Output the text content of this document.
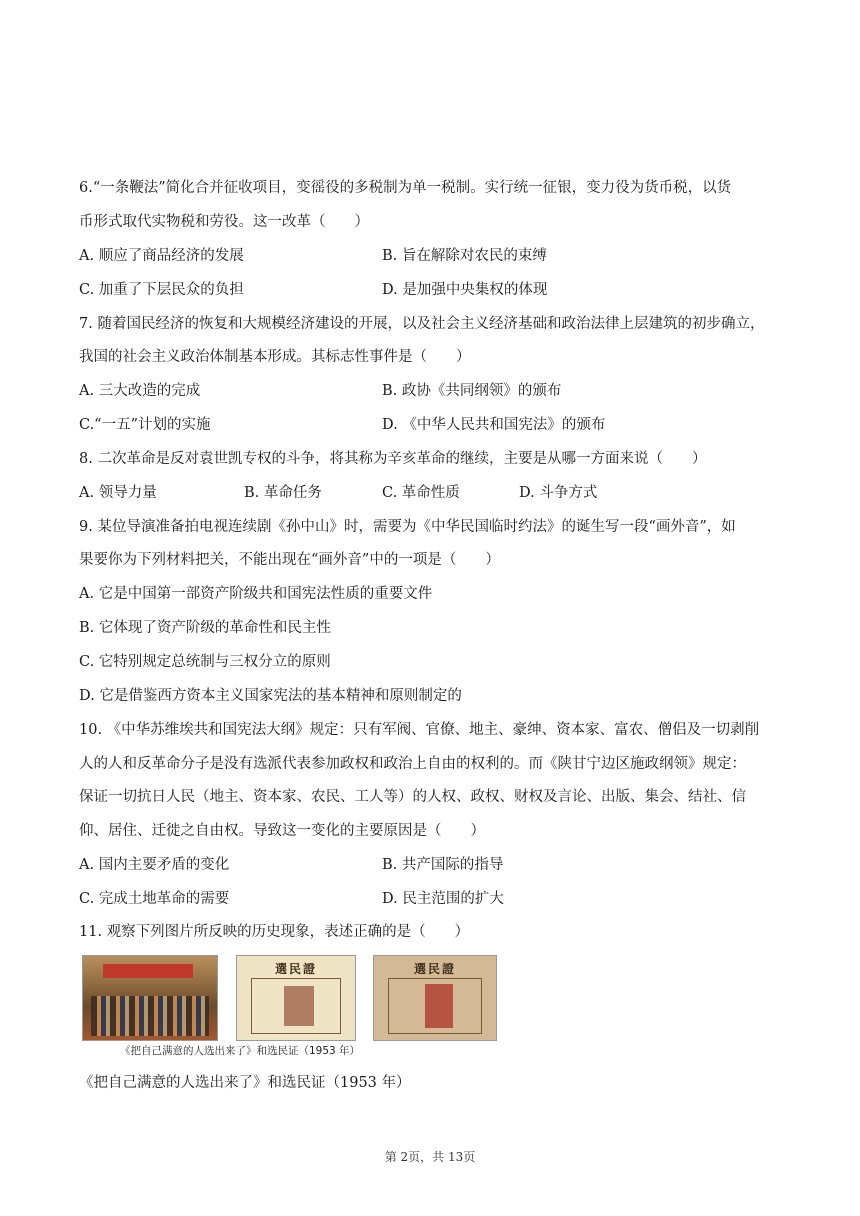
6.“一条鞭法”简化合并征收项目，变徭役的多税制为单一税制。实行统一征银，变力役为货币税，以货
币形式取代实物税和劳役。这一改革（　　）
A. 顺应了商品经济的发展	B. 旨在解除对农民的束缚
C. 加重了下层民众的负担	D. 是加强中央集权的体现
7. 随着国民经济的恢复和大规模经济建设的开展，以及社会主义经济基础和政治法律上层建筑的初步确立，
我国的社会主义政治体制基本形成。其标志性事件是（　　）
A. 三大改造的完成	B. 政协《共同纲领》的颁布
C.“一五”计划的实施	D. 《中华人民共和国宪法》的颁布
8. 二次革命是反对袁世凯专权的斗争，将其称为辛亥革命的继续，主要是从哪一方面来说（　　）
A. 领导力量	B. 革命任务	C. 革命性质	D. 斗争方式
9. 某位导演准备拍电视连续剧《孙中山》时，需要为《中华民国临时约法》的诞生写一段“画外音”，如
果要你为下列材料把关，不能出现在“画外音”中的一项是（　　）
A. 它是中国第一部资产阶级共和国宪法性质的重要文件
B. 它体现了资产阶级的革命性和民主性
C. 它特别规定总统制与三权分立的原则
D. 它是借鉴西方资本主义国家宪法的基本精神和原则制定的
10. 《中华苏维埃共和国宪法大纲》规定：只有军阀、官僚、地主、豪绅、资本家、富农、僧侣及一切剥削
人的人和反革命分子是没有选派代表参加政权和政治上自由的权利的。而《陕甘宁边区施政纲领》规定：
保证一切抗日人民（地主、资本家、农民、工人等）的人权、政权、财权及言论、出版、集会、结社、信
仰、居住、迁徙之自由权。导致这一变化的主要原因是（　　）
A. 国内主要矛盾的变化	B. 共产国际的指导
C. 完成土地革命的需要	D. 民主范围的扩大
11. 观察下列图片所反映的历史现象，表述正确的是（　　）
選民證	選民證
《把自己满意的人选出来了》和选民证（1953 年）
《把自己满意的人选出来了》和选民证（1953 年）
第 2页，共 13页
